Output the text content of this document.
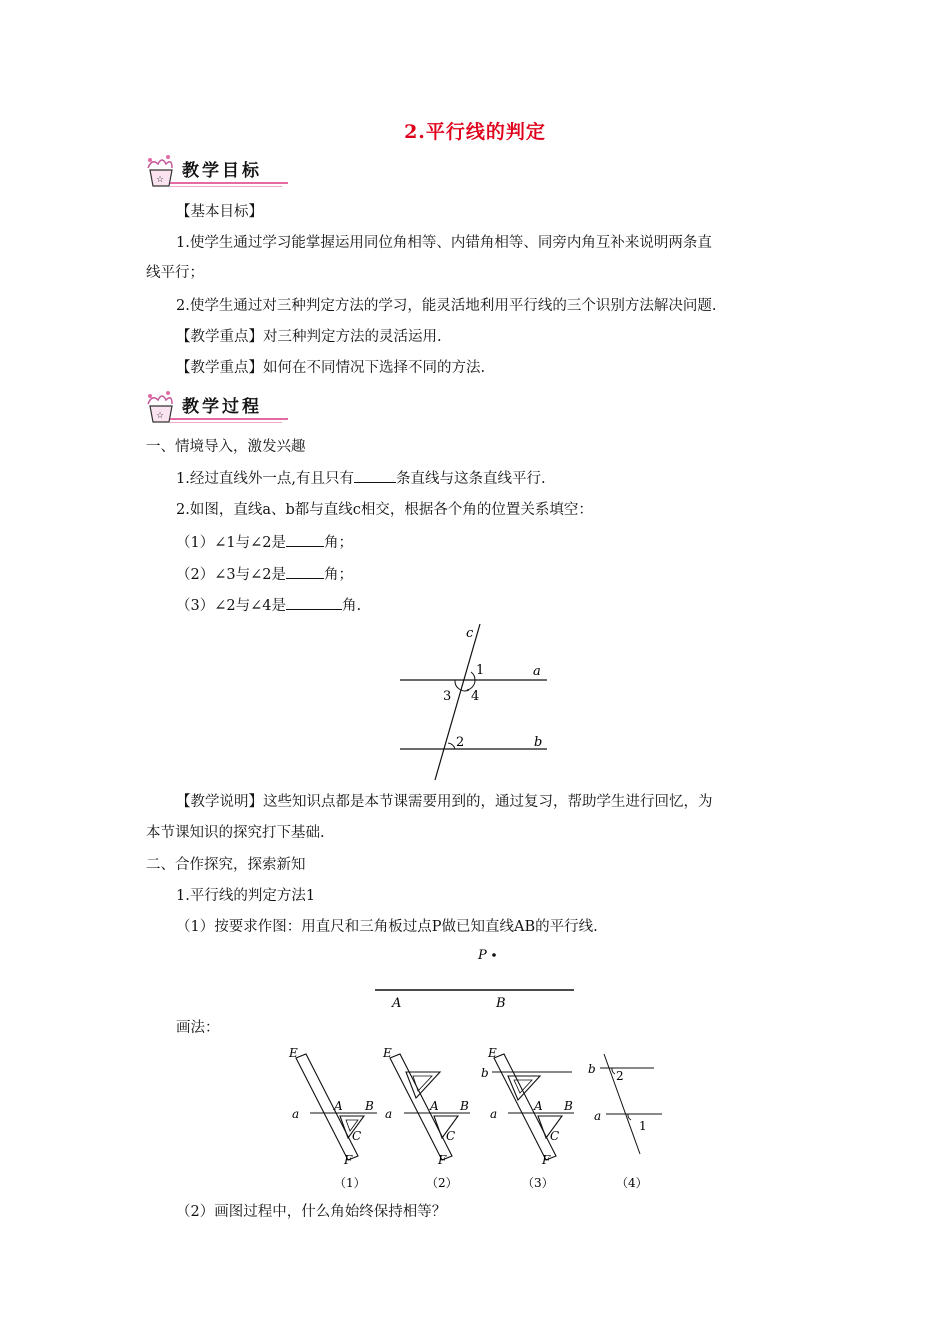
2.平行线的判定
☆ 教学目标
【基本目标】
1.使学生通过学习能掌握运用同位角相等、内错角相等、同旁内角互补来说明两条直
线平行；
2.使学生通过对三种判定方法的学习，能灵活地利用平行线的三个识别方法解决问题.
【教学重点】对三种判定方法的灵活运用.
【教学重点】如何在不同情况下选择不同的方法.
☆ 教学过程
一、情境导入，激发兴趣
1.经过直线外一点,有且只有	条直线与这条直线平行.
2.如图，直线a、b都与直线c相交，根据各个角的位置关系填空：
（1）∠1与∠2是	角；
（2）∠3与∠2是	角；
（3）∠2与∠4是	角.
c
a
b
1
3 4
2
【教学说明】这些知识点都是本节课需要用到的，通过复习，帮助学生进行回忆，为
本节课知识的探究打下基础.
二、合作探究，探索新知
1.平行线的判定方法1
（1）按要求作图：用直尺和三角板过点P做已知直线AB的平行线.
P
A	B
画法：
E
a
A B
C
F
（1）
E
a
A B
C
F
（2）
E
b
a
A B
C
F
（3）
b
a
2
1
（4）
（2）画图过程中，什么角始终保持相等？
